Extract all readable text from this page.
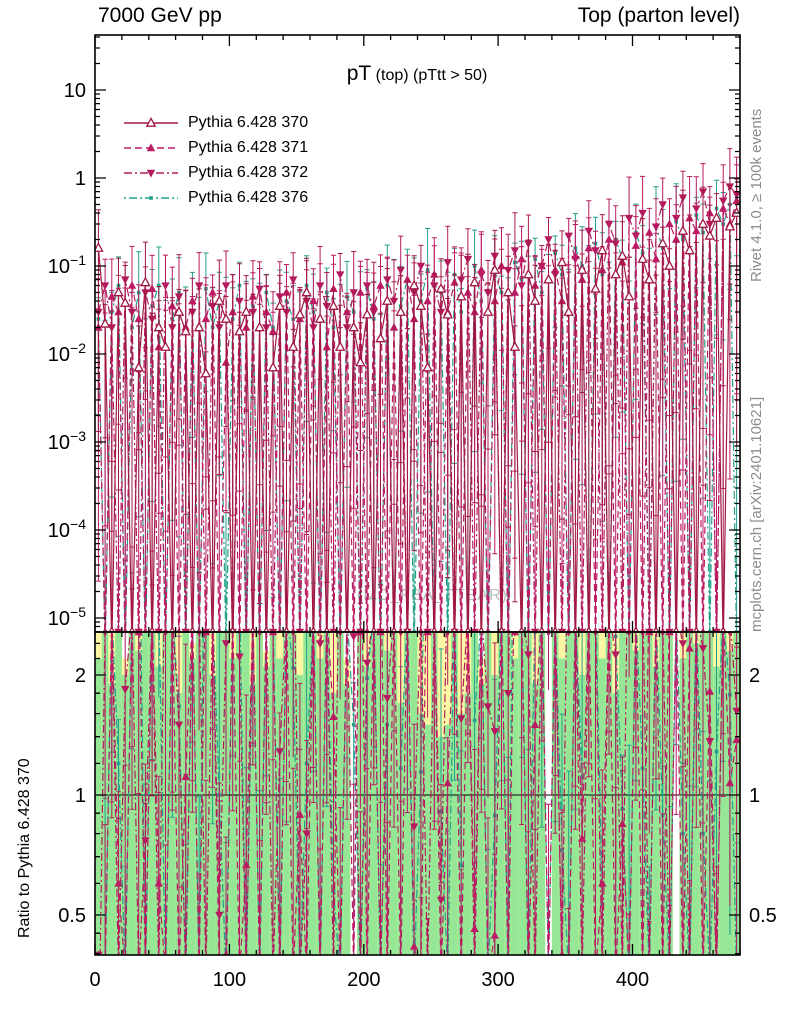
7000 GeV pp	Top (parton level)
pT (top) (pTtt > 50)
(MC_FBA_TTBAR)
Pythia 6.428 370
Pythia 6.428 371
Pythia 6.428 372
Pythia 6.428 376	Rivet 4.1.0, ≥ 100k events
mcplots.cern.ch [arXiv:2401.10621]
Ratio to Pythia 6.428 370
10
1
$10^{-1}$
$10^{-2}$
$10^{-3}$
$10^{-4}$
$10^{-5}$
0	100	200	300	400
2	2
1	1
0.5	0.5
